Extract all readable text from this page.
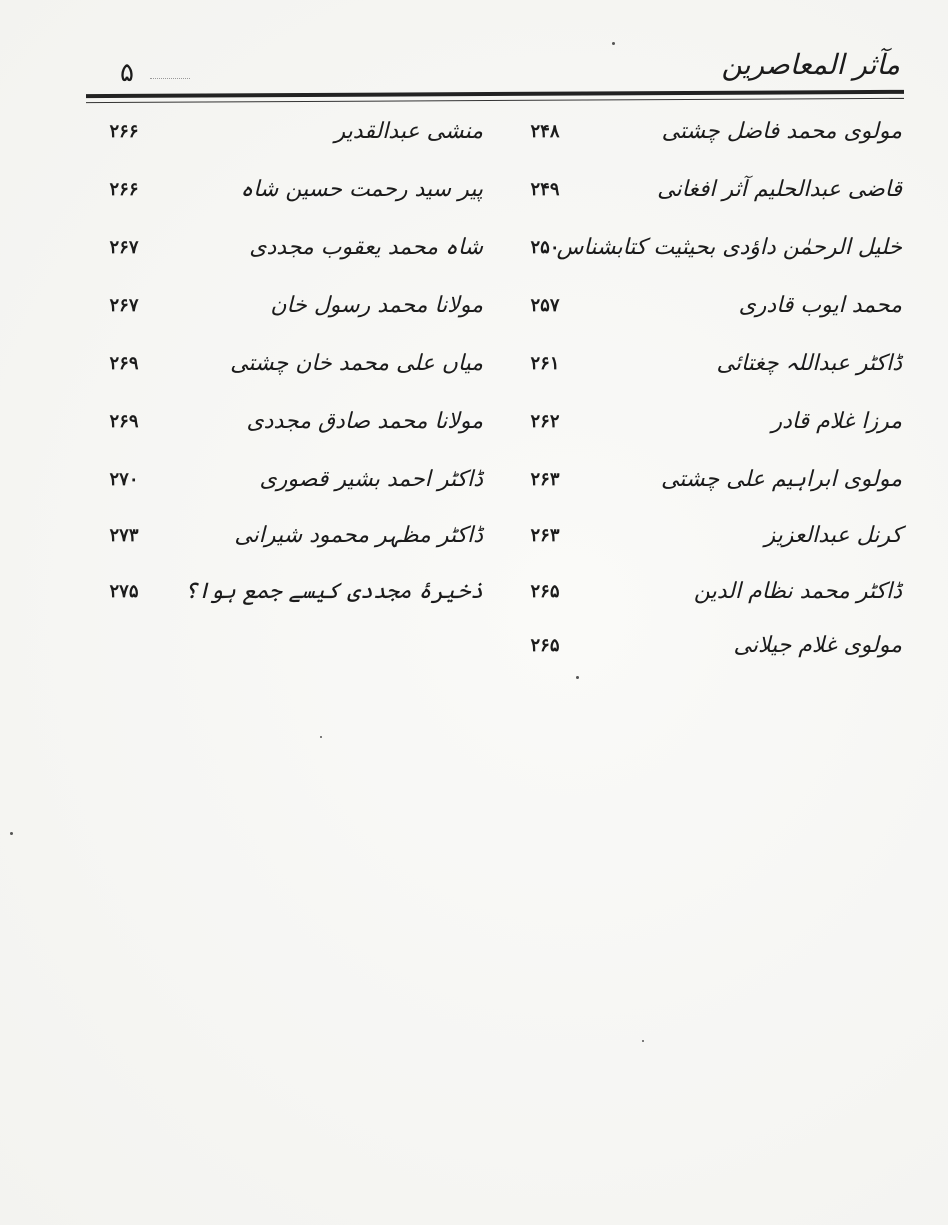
مآثر المعاصرین
۵
مولوی محمد فاضل چشتی
۲۴۸
منشی عبدالقدیر
۲۶۶
قاضی عبدالحلیم آثر افغانی
۲۴۹
پیر سید رحمت حسین شاہ
۲۶۶
خلیل الرحمٰن داؤدی بحیثیت کتابشناس
۲۵۰
شاہ محمد یعقوب مجددی
۲۶۷
محمد ایوب قادری
۲۵۷
مولانا محمد رسول خان
۲۶۷
ڈاکٹر عبداللہ چغتائی
۲۶۱
میاں علی محمد خان چشتی
۲۶۹
مرزا غلام قادر
۲۶۲
مولانا محمد صادق مجددی
۲۶۹
مولوی ابراہیم علی چشتی
۲۶۳
ڈاکٹر احمد بشیر قصوری
۲۷۰
کرنل عبدالعزیز
۲۶۳
ڈاکٹر مظہر محمود شیرانی
۲۷۳
ڈاکٹر محمد نظام الدین
۲۶۵
ذخیرۂ مجددی کیسے جمع ہوا؟
۲۷۵
مولوی غلام جیلانی
۲۶۵
